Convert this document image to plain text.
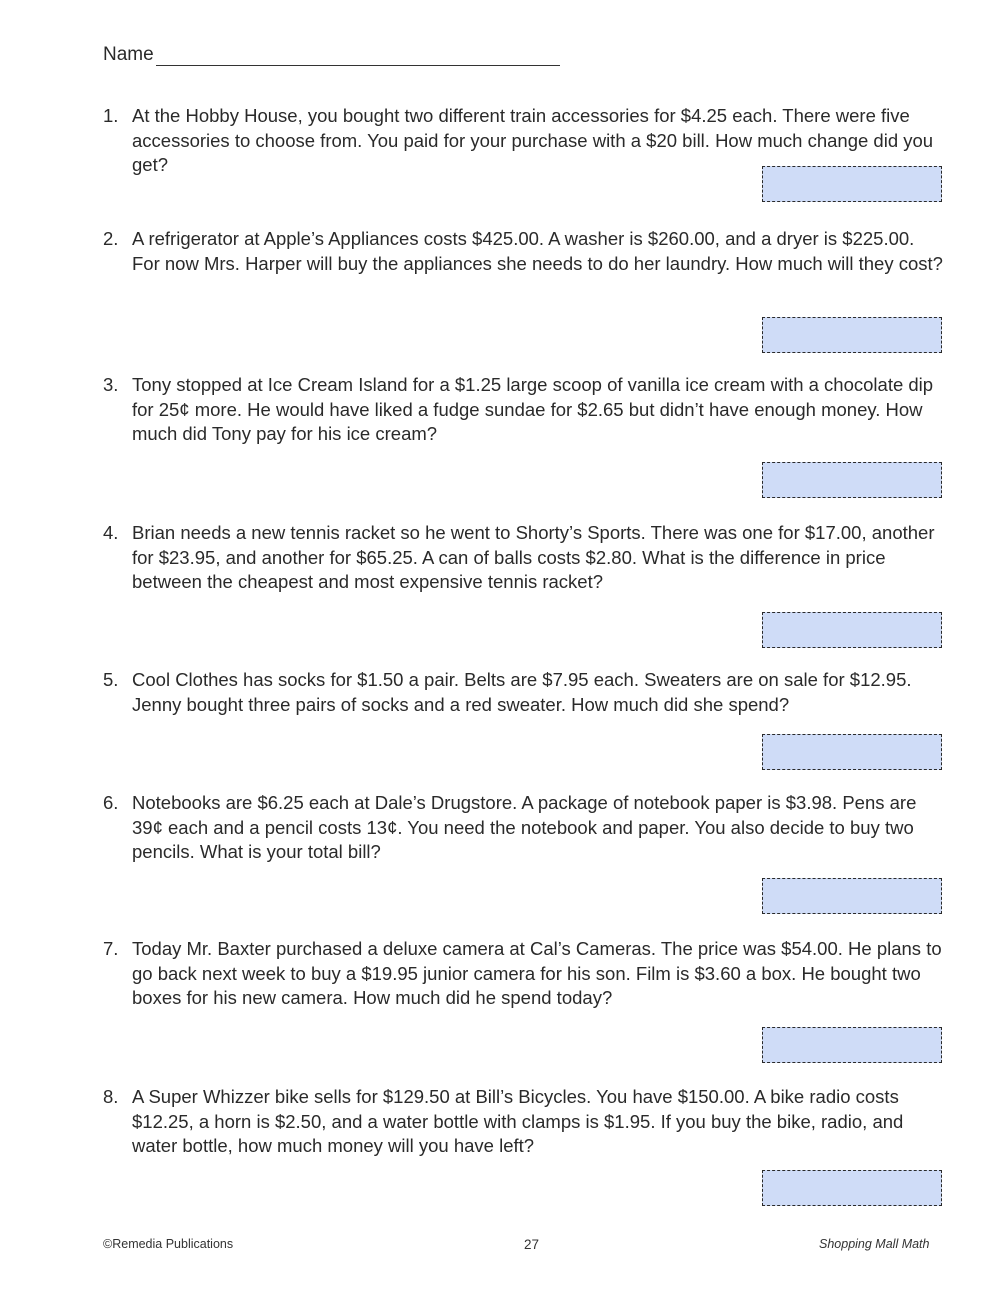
Name
1. At the Hobby House, you bought two different train accessories for $4.25 each. There were five accessories to choose from. You paid for your purchase with a $20 bill. How much change did you get?
2. A refrigerator at Apple’s Appliances costs $425.00. A washer is $260.00, and a dryer is $225.00. For now Mrs. Harper will buy the appliances she needs to do her laundry. How much will they cost?
3. Tony stopped at Ice Cream Island for a $1.25 large scoop of vanilla ice cream with a chocolate dip for 25¢ more. He would have liked a fudge sundae for $2.65 but didn’t have enough money. How much did Tony pay for his ice cream?
4. Brian needs a new tennis racket so he went to Shorty’s Sports. There was one for $17.00, another for $23.95, and another for $65.25. A can of balls costs $2.80. What is the difference in price between the cheapest and most expensive tennis racket?
5. Cool Clothes has socks for $1.50 a pair. Belts are $7.95 each. Sweaters are on sale for $12.95. Jenny bought three pairs of socks and a red sweater. How much did she spend?
6. Notebooks are $6.25 each at Dale’s Drugstore. A package of notebook paper is $3.98. Pens are 39¢ each and a pencil costs 13¢. You need the notebook and paper. You also decide to buy two pencils. What is your total bill?
7. Today Mr. Baxter purchased a deluxe camera at Cal’s Cameras. The price was $54.00. He plans to go back next week to buy a $19.95 junior camera for his son. Film is $3.60 a box. He bought two boxes for his new camera. How much did he spend today?
8. A Super Whizzer bike sells for $129.50 at Bill’s Bicycles. You have $150.00. A bike radio costs $12.25, a horn is $2.50, and a water bottle with clamps is $1.95. If you buy the bike, radio, and water bottle, how much money will you have left?
©Remedia Publications	27	Shopping Mall Math
